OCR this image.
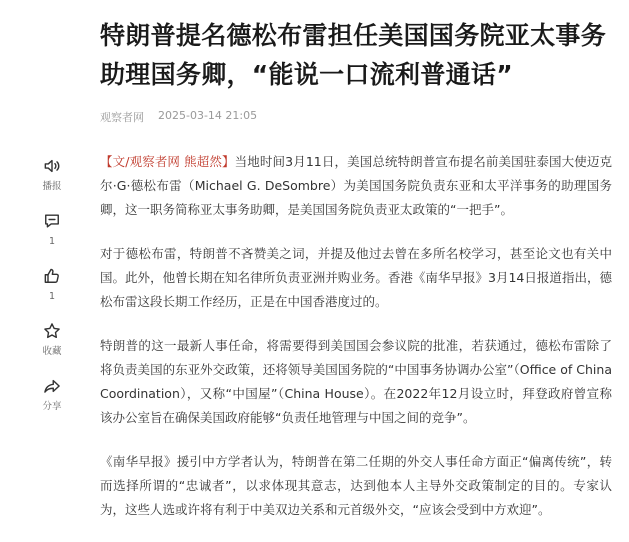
特朗普提名德松布雷担任美国国务院亚太事务助理国务卿，“能说一口流利普通话”
观察者网 2025-03-14 21:05
播报
1
1
收藏
分享

【文/观察者网 熊超然】当地时间3月11日，美国总统特朗普宣布提名前美国驻泰国大使迈克尔·G·德松布雷（Michael G. DeSombre）为美国国务院负责东亚和太平洋事务的助理国务卿，这一职务简称亚太事务助卿，是美国国务院负责亚太政策的“一把手”。

对于德松布雷，特朗普不吝赞美之词，并提及他过去曾在多所名校学习，甚至论文也有关中国。此外，他曾长期在知名律所负责亚洲并购业务。香港《南华早报》3月14日报道指出，德松布雷这段长期工作经历，正是在中国香港度过的。

特朗普的这一最新人事任命，将需要得到美国国会参议院的批准，若获通过，德松布雷除了将负责美国的东亚外交政策，还将领导美国国务院的“中国事务协调办公室”（Office of China Coordination），又称“中国屋”（China House）。在2022年12月设立时，拜登政府曾宣称该办公室旨在确保美国政府能够“负责任地管理与中国之间的竞争”。

《南华早报》援引中方学者认为，特朗普在第二任期的外交人事任命方面正“偏离传统”，转而选择所谓的“忠诚者”，以求体现其意志，达到他本人主导外交政策制定的目的。专家认为，这些人选或许将有利于中美双边关系和元首级外交，“应该会受到中方欢迎”。
